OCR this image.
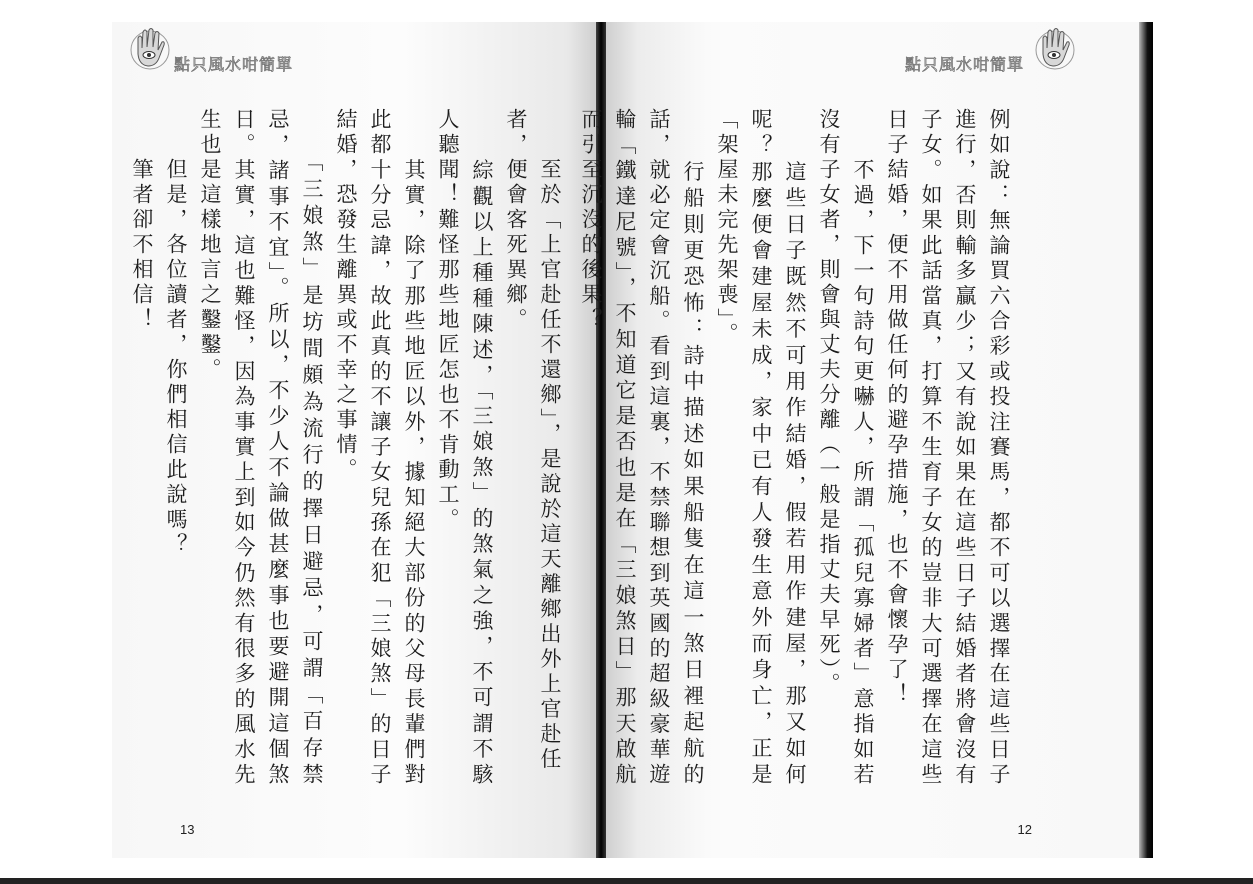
點只風水咁簡單

　　至於「上官赴任不還鄉」，是說於這天離鄉出外上官赴任

者，便會客死異鄉。

　　綜觀以上種種陳述，「三娘煞」的煞氣之強，不可謂不駭人聽聞！難怪那些地匠怎也不肯動工。

　　其實，除了那些地匠以外，據知絕大部份的父母長輩們對此都十分忌諱，故此真的不讓子女兒孫在犯「三娘煞」的日子結婚，恐發生離異或不幸之事情。

　　「三娘煞」是坊間頗為流行的擇日避忌，可謂「百存禁忌，諸事不宜」。所以，不少人不論做甚麼事也要避開這個煞日。其實，這也難怪，因為事實上到如今仍然有很多的風水先生也是這樣地言之鑿鑿。

　　但是，各位讀者，你們相信此說嗎？

　　筆者卻不相信！

13
點只風水咁簡單

例如說：無論買六合彩或投注賽馬，都不可以選擇在這些日子進行，否則輸多贏少；又有說如果在這些日子結婚者將會沒有子女。如果此話當真，打算不生育子女的豈非大可選擇在這些日子結婚，便不用做任何的避孕措施，也不會懷孕了！

　　不過，下一句詩句更嚇人，所謂「孤兒寡婦者」意指如若沒有子女者，則會與丈夫分離（一般是指丈夫早死）。

　　這些日子既然不可用作結婚，假若用作建屋，那又如何呢？那麼便會建屋未成，家中已有人發生意外而身亡，正是「架屋未完先架喪」。

　　行船則更恐怖：詩中描述如果船隻在這一煞日裡起航的話，就必定會沉船。看到這裏，不禁聯想到英國的超級豪華遊輪「鐵達尼號」，不知道它是否也是在「三娘煞日」那天啟航而引至沉沒的後果？

12
